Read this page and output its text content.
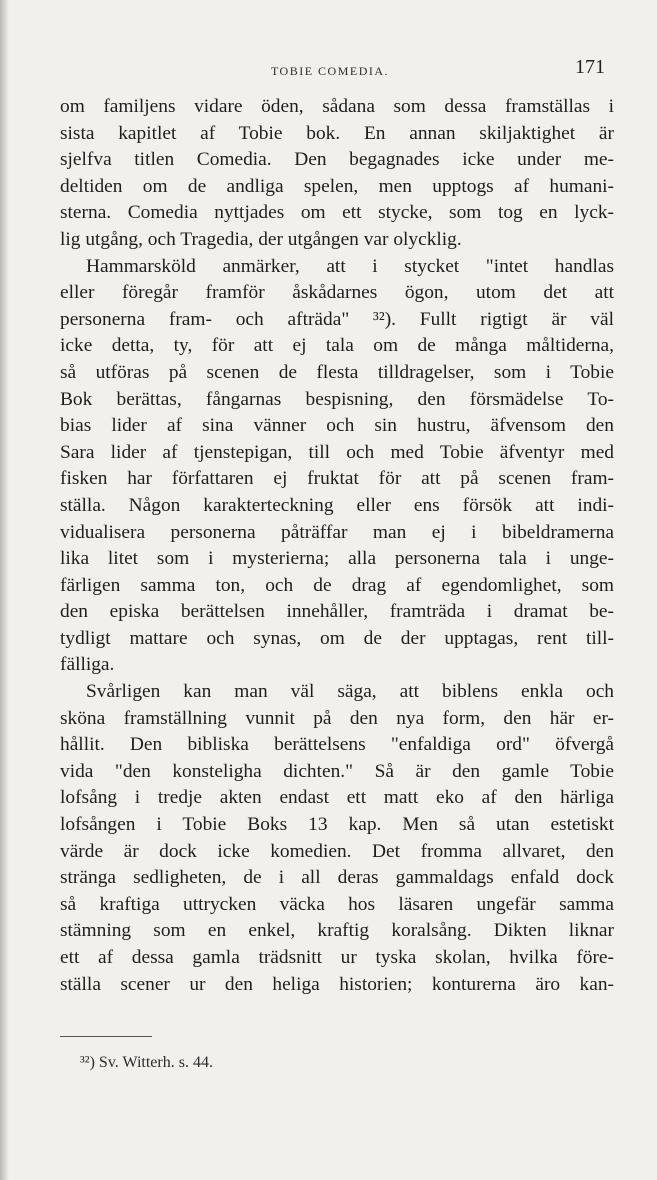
TOBIE COMEDIA.	171
om familjens vidare öden, sådana som dessa framställas i
sista kapitlet af Tobie bok. En annan skiljaktighet är
sjelfva titlen Comedia. Den begagnades icke under me-
deltiden om de andliga spelen, men upptogs af humani-
sterna. Comedia nyttjades om ett stycke, som tog en lyck-
lig utgång, och Tragedia, der utgången var olycklig.
Hammarsköld anmärker, att i stycket "intet handlas
eller föregår framför åskådarnes ögon, utom det att
personerna fram- och afträda" ³²). Fullt rigtigt är väl
icke detta, ty, för att ej tala om de många måltiderna,
så utföras på scenen de flesta tilldragelser, som i Tobie
Bok berättas, fångarnas bespisning, den försmädelse To-
bias lider af sina vänner och sin hustru, äfvensom den
Sara lider af tjenstepigan, till och med Tobie äfventyr med
fisken har författaren ej fruktat för att på scenen fram-
ställa. Någon karakterteckning eller ens försök att indi-
vidualisera personerna påträffar man ej i bibeldramerna
lika litet som i mysterierna; alla personerna tala i unge-
färligen samma ton, och de drag af egendomlighet, som
den episka berättelsen innehåller, framträda i dramat be-
tydligt mattare och synas, om de der upptagas, rent till-
fälliga.
Svårligen kan man väl säga, att biblens enkla och
sköna framställning vunnit på den nya form, den här er-
hållit. Den bibliska berättelsens "enfaldiga ord" öfvergå
vida "den konsteligha dichten." Så är den gamle Tobie
lofsång i tredje akten endast ett matt eko af den härliga
lofsången i Tobie Boks 13 kap. Men så utan estetiskt
värde är dock icke komedien. Det fromma allvaret, den
stränga sedligheten, de i all deras gammaldags enfald dock
så kraftiga uttrycken väcka hos läsaren ungefär samma
stämning som en enkel, kraftig koralsång. Dikten liknar
ett af dessa gamla trädsnitt ur tyska skolan, hvilka före-
ställa scener ur den heliga historien; konturerna äro kan-
³²) Sv. Witterh. s. 44.
